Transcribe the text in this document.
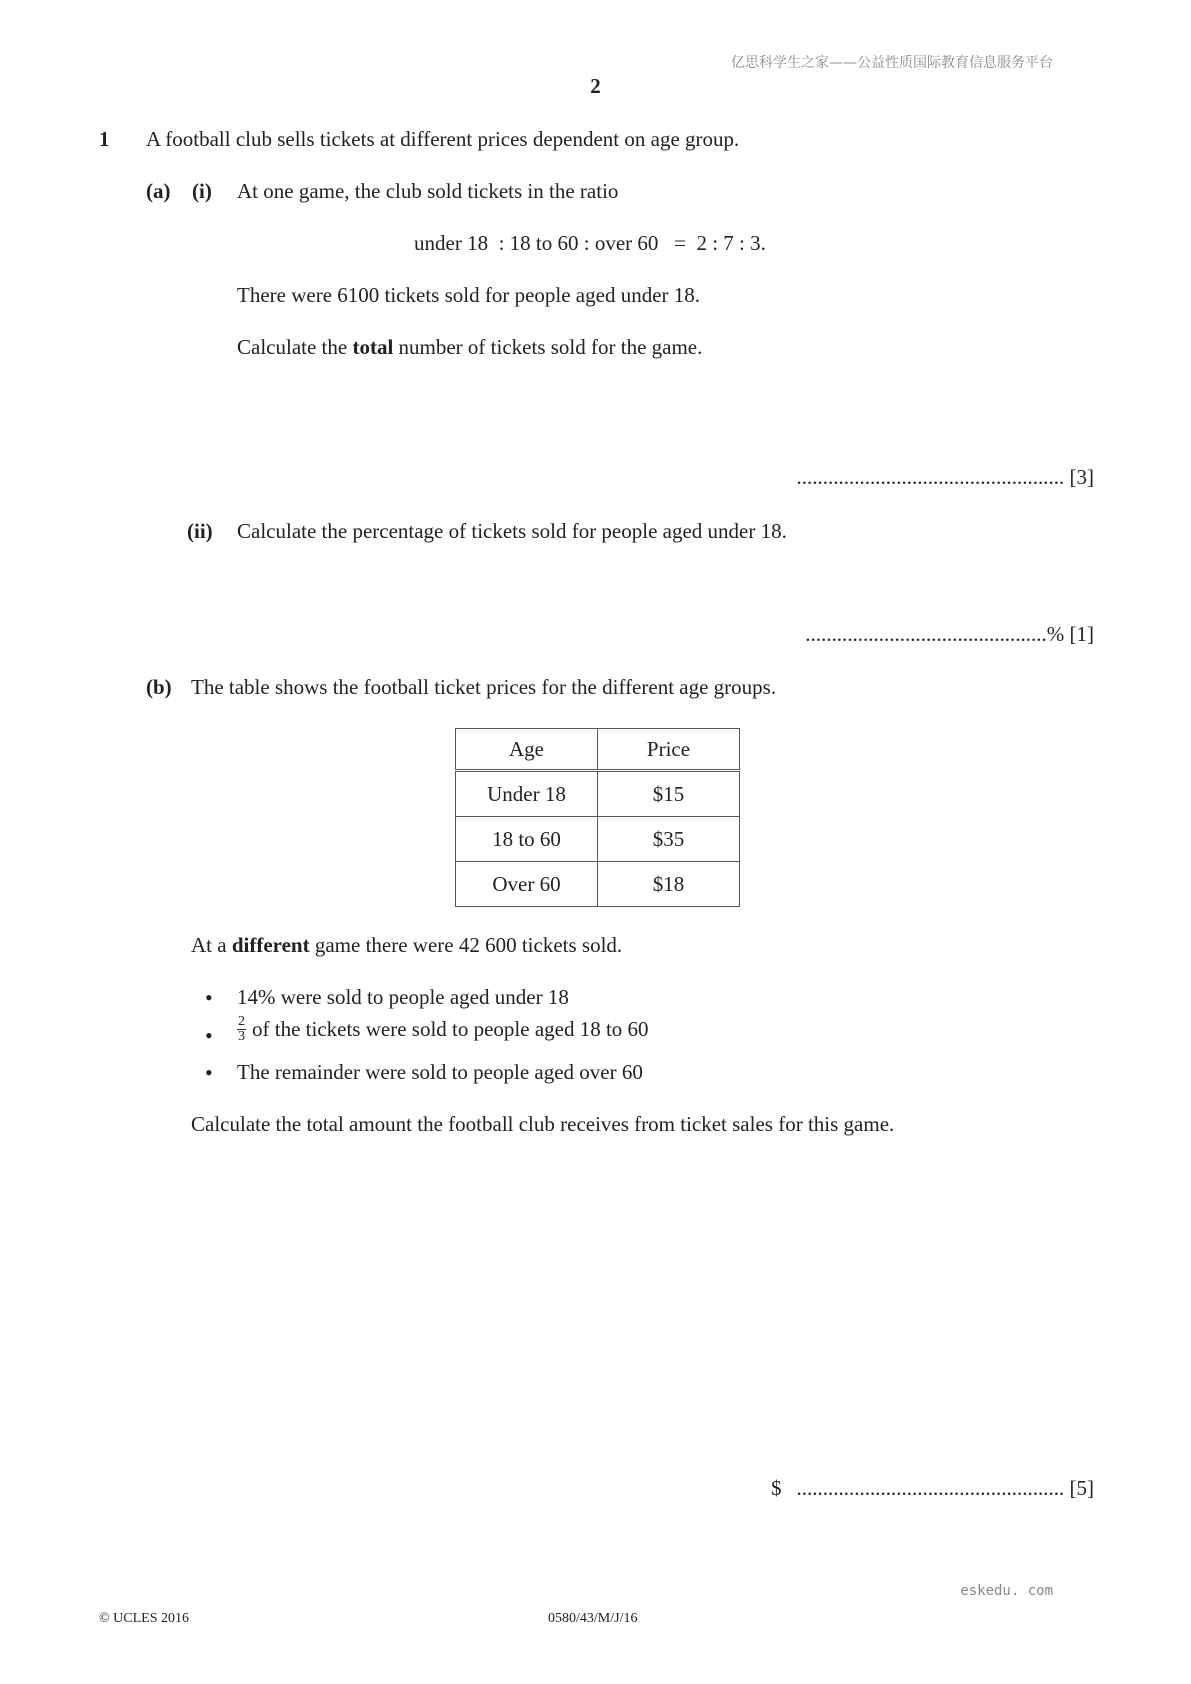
亿思科学生之家——公益性质国际教育信息服务平台
2
1 A football club sells tickets at different prices dependent on age group.
(a) (i) At one game, the club sold tickets in the ratio
under 18  : 18 to 60 : over 60   =  2 : 7 : 3.
There were 6100 tickets sold for people aged under 18.
Calculate the total number of tickets sold for the game.
................................................... [3]
(ii) Calculate the percentage of tickets sold for people aged under 18.
..............................................% [1]
(b) The table shows the football ticket prices for the different age groups.
Age	Price
Under 18	$15
18 to 60	$35
Over 60	$18
At a different game there were 42 600 tickets sold.
• 14% were sold to people aged under 18
• $\frac{2}{3}$ of the tickets were sold to people aged 18 to 60
• The remainder were sold to people aged over 60
Calculate the total amount the football club receives from ticket sales for this game.
$ ................................................... [5]
eskedu. com
© UCLES 2016	0580/43/M/J/16
